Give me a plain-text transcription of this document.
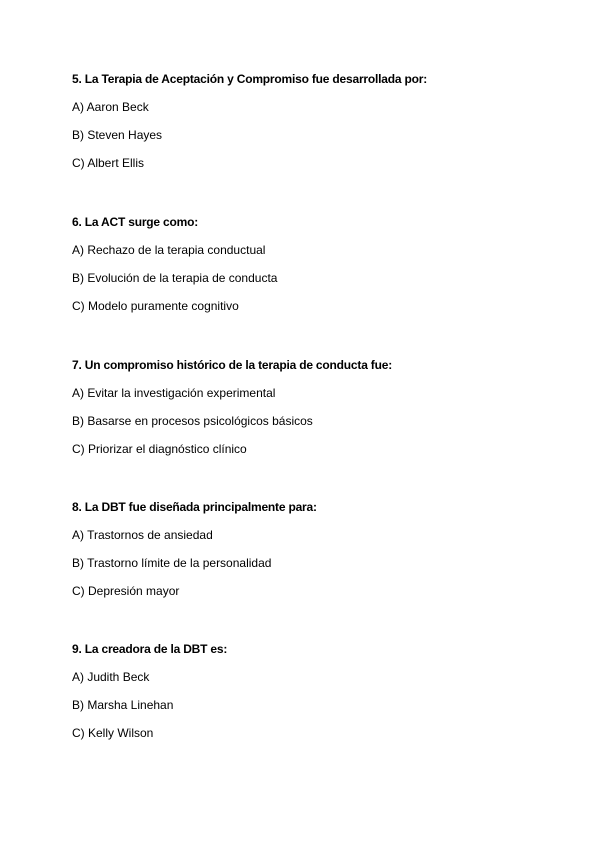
5. La Terapia de Aceptación y Compromiso fue desarrollada por:
A) Aaron Beck
B) Steven Hayes
C) Albert Ellis
6. La ACT surge como:
A) Rechazo de la terapia conductual
B) Evolución de la terapia de conducta
C) Modelo puramente cognitivo
7. Un compromiso histórico de la terapia de conducta fue:
A) Evitar la investigación experimental
B) Basarse en procesos psicológicos básicos
C) Priorizar el diagnóstico clínico
8. La DBT fue diseñada principalmente para:
A) Trastornos de ansiedad
B) Trastorno límite de la personalidad
C) Depresión mayor
9. La creadora de la DBT es:
A) Judith Beck
B) Marsha Linehan
C) Kelly Wilson
